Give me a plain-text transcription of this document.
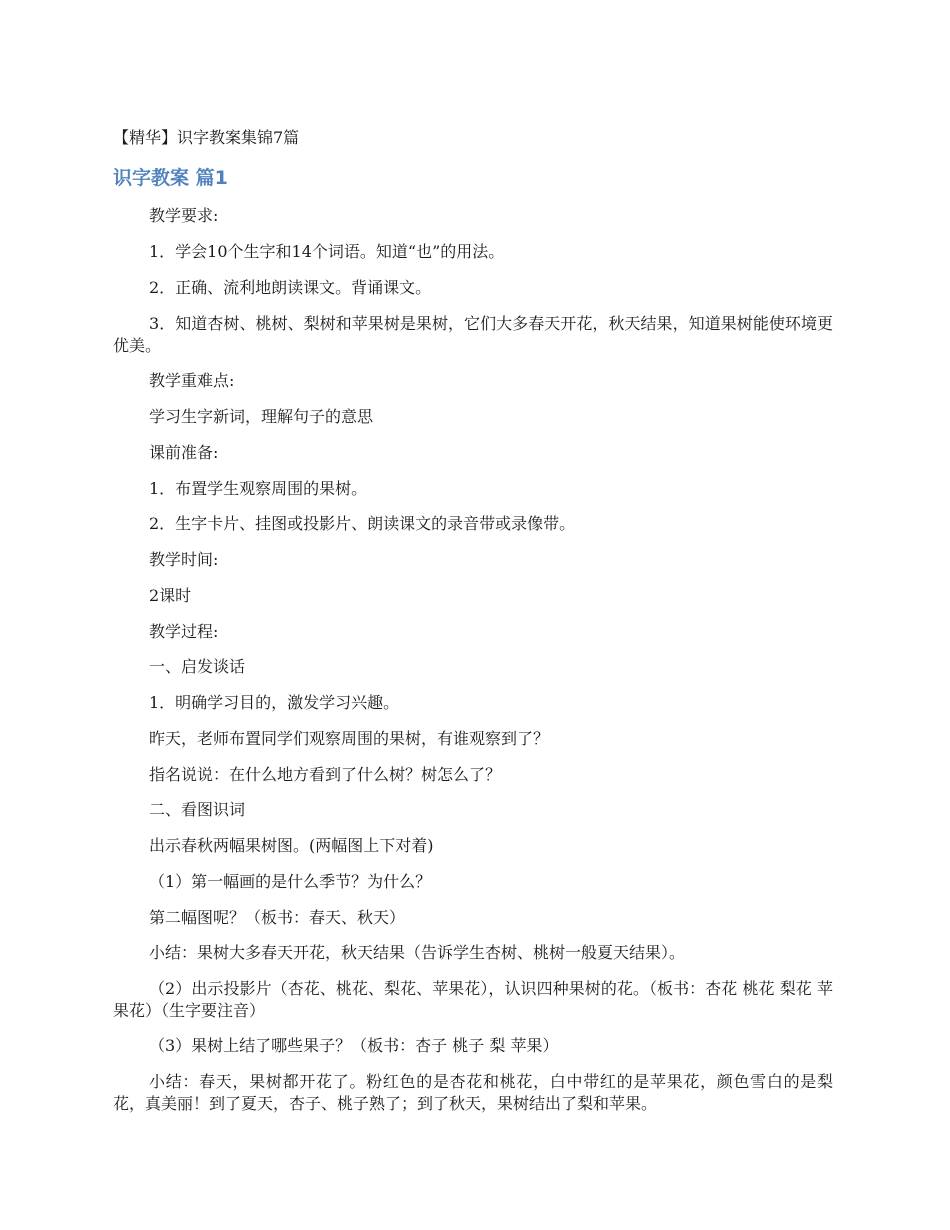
【精华】识字教案集锦7篇
识字教案 篇1
教学要求:
1．学会10个生字和14个词语。知道“也”的用法。
2．正确、流利地朗读课文。背诵课文。
3．知道杏树、桃树、梨树和苹果树是果树，它们大多春天开花，秋天结果，知道果树能使环境更优美。
教学重难点:
学习生字新词，理解句子的意思
课前准备:
1．布置学生观察周围的果树。
2．生字卡片、挂图或投影片、朗读课文的录音带或录像带。
教学时间:
2课时
教学过程:
一、启发谈话
1．明确学习目的，激发学习兴趣。
昨天，老师布置同学们观察周围的果树，有谁观察到了？
指名说说：在什么地方看到了什么树？树怎么了？
二、看图识词
出示春秋两幅果树图。(两幅图上下对着)
（1）第一幅画的是什么季节？为什么？
第二幅图呢？（板书：春天、秋天）
小结：果树大多春天开花，秋天结果（告诉学生杏树、桃树一般夏天结果）。
（2）出示投影片（杏花、桃花、梨花、苹果花），认识四种果树的花。（板书：杏花 桃花 梨花 苹果花）（生字要注音）
（3）果树上结了哪些果子？（板书：杏子 桃子 梨 苹果）
小结：春天，果树都开花了。粉红色的是杏花和桃花，白中带红的是苹果花，颜色雪白的是梨花，真美丽！到了夏天，杏子、桃子熟了；到了秋天，果树结出了梨和苹果。
